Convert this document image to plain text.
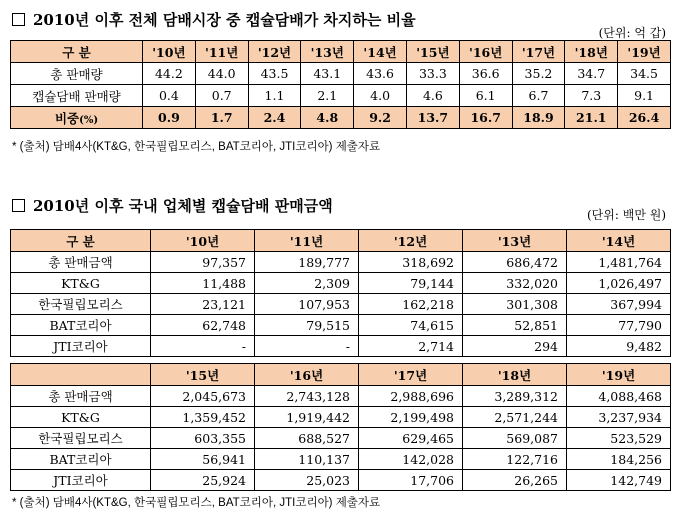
2010년 이후 전체 담배시장 중 캡슐담배가 차지하는 비율
(단위: 억 갑)
구 분	'10년	'11년	'12년	'13년	'14년	'15년	'16년	'17년	'18년	'19년
총 판매량	44.2	44.0	43.5	43.1	43.6	33.3	36.6	35.2	34.7	34.5
캡슐담배 판매량	0.4	0.7	1.1	2.1	4.0	4.6	6.1	6.7	7.3	9.1
비중(%)	0.9	1.7	2.4	4.8	9.2	13.7	16.7	18.9	21.1	26.4
* (출처) 담배4사(KT&G, 한국필립모리스, BAT코리아, JTI코리아) 제출자료
2010년 이후 국내 업체별 캡슐담배 판매금액	(단위: 백만 원)
구 분	'10년	'11년	'12년	'13년	'14년
총 판매금액	97,357	189,777	318,692	686,472	1,481,764
KT&G	11,488	2,309	79,144	332,020	1,026,497
한국필립모리스	23,121	107,953	162,218	301,308	367,994
BAT코리아	62,748	79,515	74,615	52,851	77,790
JTI코리아	-	-	2,714	294	9,482
	'15년	'16년	'17년	'18년	'19년
총 판매금액	2,045,673	2,743,128	2,988,696	3,289,312	4,088,468
KT&G	1,359,452	1,919,442	2,199,498	2,571,244	3,237,934
한국필립모리스	603,355	688,527	629,465	569,087	523,529
BAT코리아	56,941	110,137	142,028	122,716	184,256
JTI코리아	25,924	25,023	17,706	26,265	142,749
* (출처) 담배4사(KT&G, 한국필립모리스, BAT코리아, JTI코리아) 제출자료
